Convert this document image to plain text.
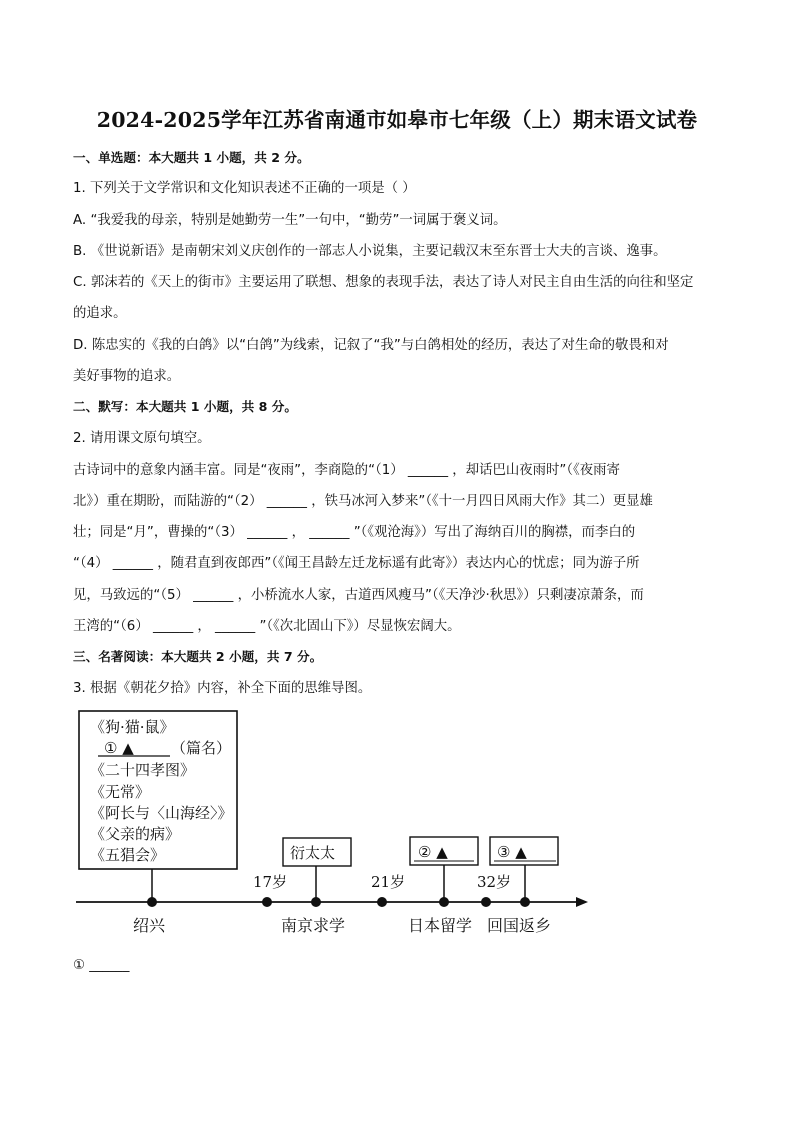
2024-2025学年江苏省南通市如皋市七年级（上）期末语文试卷
一、单选题：本大题共 1 小题，共 2 分。
1. 下列关于文学常识和文化知识表述不正确的一项是（ ）
A. “我爱我的母亲，特别是她勤劳一生”一句中，“勤劳”一词属于褒义词。
B. 《世说新语》是南朝宋刘义庆创作的一部志人小说集，主要记载汉末至东晋士大夫的言谈、逸事。
C. 郭沫若的《天上的街市》主要运用了联想、想象的表现手法，表达了诗人对民主自由生活的向往和坚定
的追求。
D. 陈忠实的《我的白鸽》以“白鸽”为线索，记叙了“我”与白鸽相处的经历，表达了对生命的敬畏和对
美好事物的追求。
二、默写：本大题共 1 小题，共 8 分。
2. 请用课文原句填空。
古诗词中的意象内涵丰富。同是“夜雨”，李商隐的“（1） ______ ，却话巴山夜雨时”（《夜雨寄
北》）重在期盼，而陆游的“（2） ______ ，铁马冰河入梦来”（《十一月四日风雨大作》其二）更显雄
壮；同是“月”，曹操的“（3） ______ ， ______ ”（《观沧海》）写出了海纳百川的胸襟，而李白的
“（4） ______ ，随君直到夜郎西”（《闻王昌龄左迁龙标遥有此寄》）表达内心的忧虑；同为游子所
见，马致远的“（5） ______ ，小桥流水人家，古道西风瘦马”（《天净沙·秋思》）只剩凄凉萧条，而
王湾的“（6） ______ ， ______ ”（《次北固山下》）尽显恢宏阔大。
三、名著阅读：本大题共 2 小题，共 7 分。
3. 根据《朝花夕拾》内容，补全下面的思维导图。
《狗·猫·鼠》
① ▲ （篇名）
《二十四孝图》
《无常》
《阿长与〈山海经〉》
《父亲的病》
《五猖会》	衍太太	② ▲	③ ▲
17岁	21岁	32岁
绍兴	南京求学	日本留学 回国返乡
① ______
